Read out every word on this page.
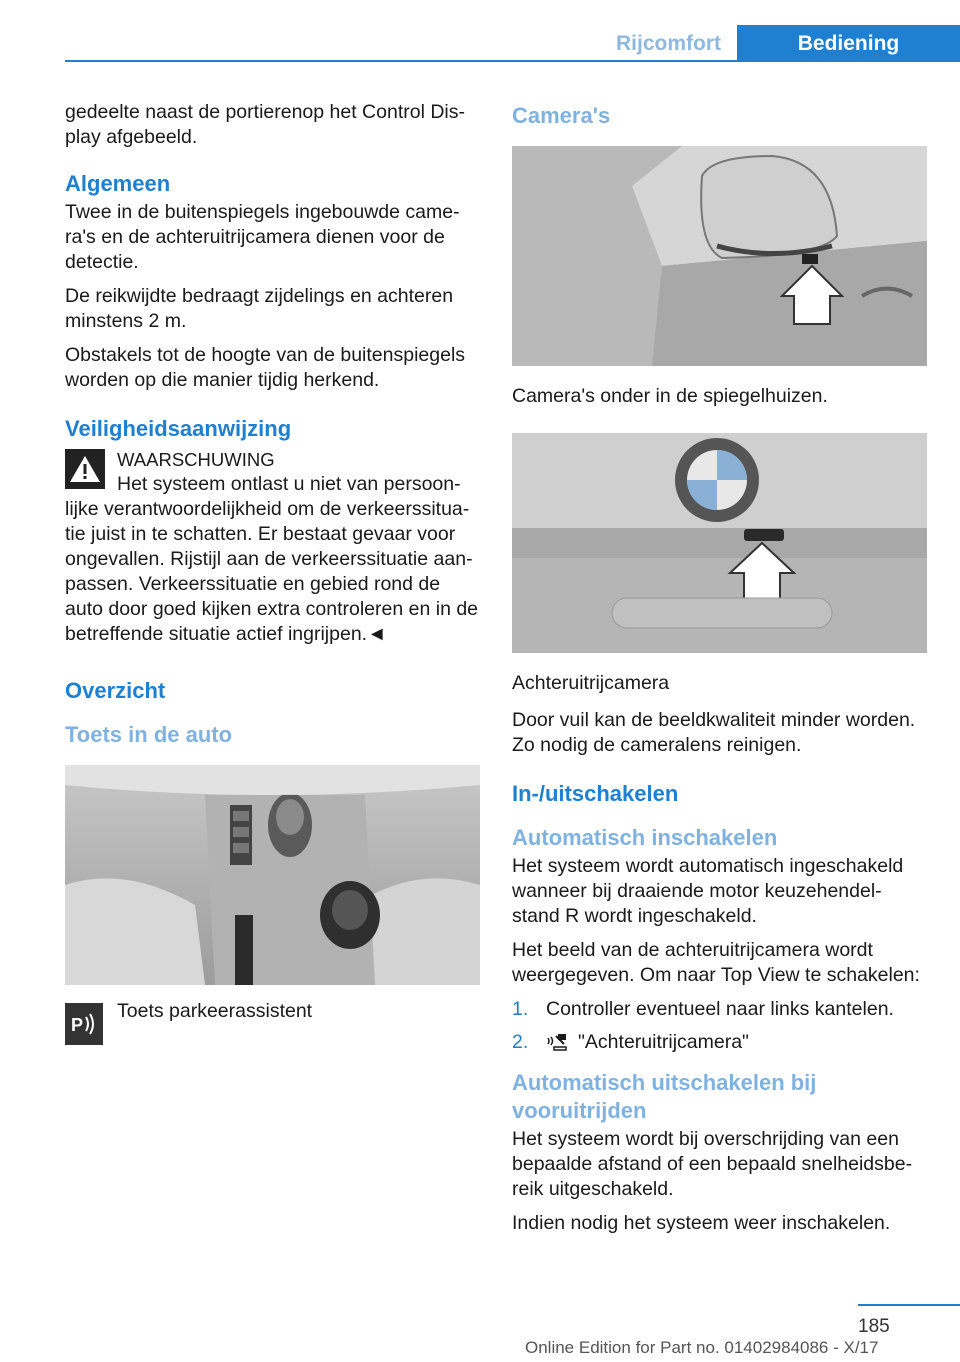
Rijcomfort	Bediening

gedeelte naast de portierenop het Control Dis- play afgebeeld.

Algemeen

Twee in de buitenspiegels ingebouwde came- ra's en de achteruitrijcamera dienen voor de detectie.

De reikwijdte bedraagt zijdelings en achteren minstens 2 m.

Obstakels tot de hoogte van de buitenspiegels worden op die manier tijdig herkend.

Veiligheidsaanwijzing
WAARSCHUWING

Het systeem ontlast u niet van persoon- lijke verantwoordelijkheid om de verkeerssitua- tie juist in te schatten. Er bestaat gevaar voor ongevallen. Rijstijl aan de verkeerssituatie aan- passen. Verkeerssituatie en gebied rond de auto door goed kijken extra controleren en in de betreffende situatie actief ingrijpen.◄

Overzicht
Toets in de auto
P

Toets parkeerassistent

Camera's

Camera's onder in de spiegelhuizen.

Achteruitrijcamera

Door vuil kan de beeldkwaliteit minder worden. Zo nodig de cameralens reinigen.

In-/uitschakelen
Automatisch inschakelen

Het systeem wordt automatisch ingeschakeld wanneer bij draaiende motor keuzehendel- stand R wordt ingeschakeld.

Het beeld van de achteruitrijcamera wordt weergegeven. Om naar Top View te schakelen:

1. Controller eventueel naar links kantelen.
2.	"Achteruitrijcamera"
Automatisch uitschakelen bij vooruitrijden

Het systeem wordt bij overschrijding van een bepaalde afstand of een bepaald snelheidsbe- reik uitgeschakeld.

Indien nodig het systeem weer inschakelen.

185
Online Edition for Part no. 01402984086 - X/17
